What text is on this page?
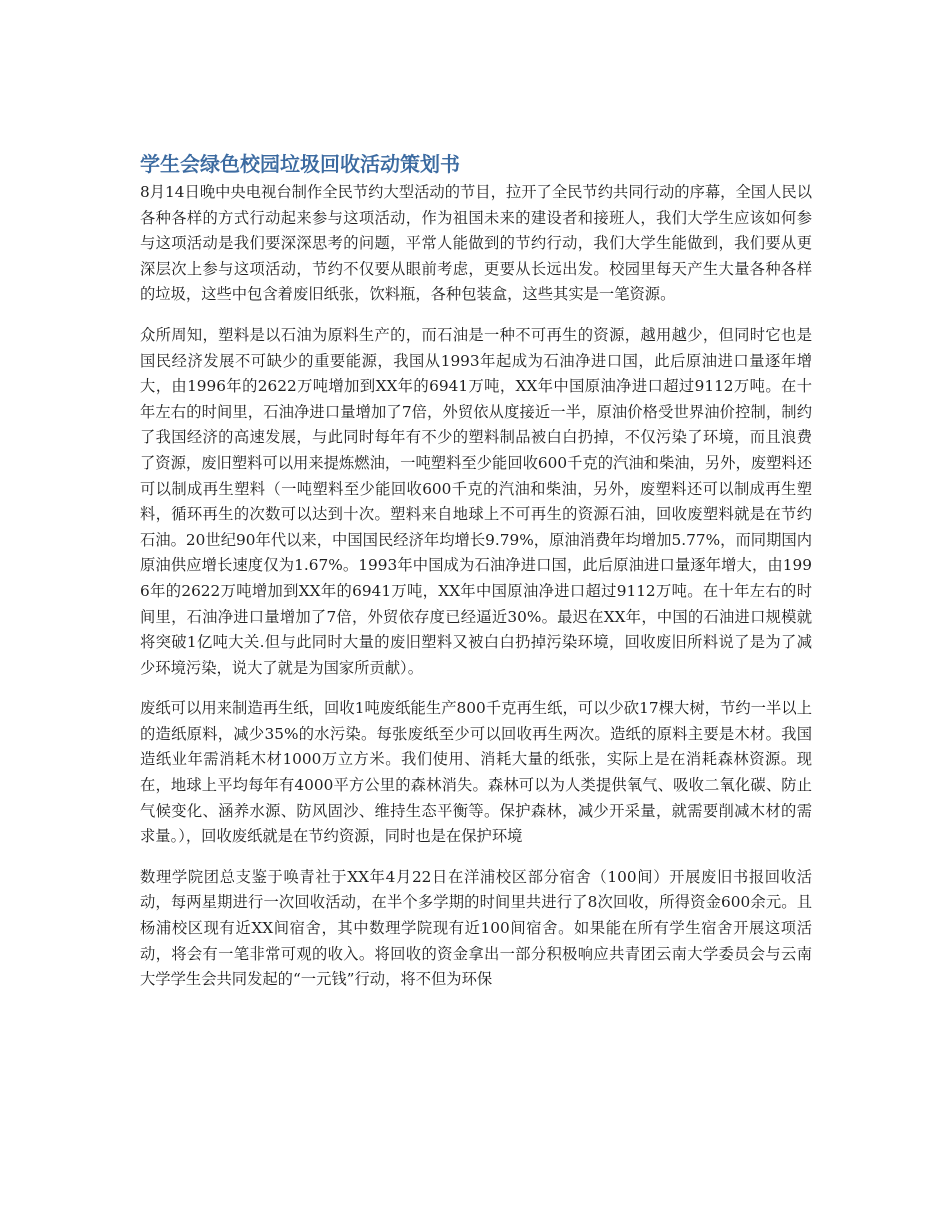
学生会绿色校园垃圾回收活动策划书

8月14日晚中央电视台制作全民节约大型活动的节目，拉开了全民节约共同行动的序幕，全国人民以各种各样的方式行动起来参与这项活动，作为祖国未来的建设者和接班人，我们大学生应该如何参与这项活动是我们要深深思考的问题，平常人能做到的节约行动，我们大学生能做到，我们要从更深层次上参与这项活动，节约不仅要从眼前考虑，更要从长远出发。校园里每天产生大量各种各样的垃圾，这些中包含着废旧纸张，饮料瓶，各种包装盒，这些其实是一笔资源。

众所周知，塑料是以石油为原料生产的，而石油是一种不可再生的资源，越用越少，但同时它也是国民经济发展不可缺少的重要能源，我国从1993年起成为石油净进口国，此后原油进口量逐年增大，由1996年的2622万吨增加到XX年的6941万吨，XX年中国原油净进口超过9112万吨。在十年左右的时间里，石油净进口量增加了7倍，外贸依从度接近一半，原油价格受世界油价控制，制约了我国经济的高速发展，与此同时每年有不少的塑料制品被白白扔掉，不仅污染了环境，而且浪费了资源，废旧塑料可以用来提炼燃油，一吨塑料至少能回收600千克的汽油和柴油，另外，废塑料还可以制成再生塑料（一吨塑料至少能回收600千克的汽油和柴油，另外，废塑料还可以制成再生塑料，循环再生的次数可以达到十次。塑料来自地球上不可再生的资源石油，回收废塑料就是在节约石油。20世纪90年代以来，中国国民经济年均增长9.79%，原油消费年均增加5.77%，而同期国内原油供应增长速度仅为1.67%。1993年中国成为石油净进口国，此后原油进口量逐年增大，由1996年的2622万吨增加到XX年的6941万吨，XX年中国原油净进口超过9112万吨。在十年左右的时间里，石油净进口量增加了7倍，外贸依存度已经逼近30%。最迟在XX年，中国的石油进口规模就将突破1亿吨大关.但与此同时大量的废旧塑料又被白白扔掉污染环境，回收废旧所料说了是为了减少环境污染，说大了就是为国家所贡献）。

废纸可以用来制造再生纸，回收1吨废纸能生产800千克再生纸，可以少砍17棵大树，节约一半以上的造纸原料，减少35%的水污染。每张废纸至少可以回收再生两次。造纸的原料主要是木材。我国造纸业年需消耗木材1000万立方米。我们使用、消耗大量的纸张，实际上是在消耗森林资源。现在，地球上平均每年有4000平方公里的森林消失。森林可以为人类提供氧气、吸收二氧化碳、防止气候变化、涵养水源、防风固沙、维持生态平衡等。保护森林，减少开采量，就需要削减木材的需求量。），回收废纸就是在节约资源，同时也是在保护环境

数理学院团总支鉴于唤青社于XX年4月22日在洋浦校区部分宿舍（100间）开展废旧书报回收活动，每两星期进行一次回收活动，在半个多学期的时间里共进行了8次回收，所得资金600余元。且杨浦校区现有近XX间宿舍，其中数理学院现有近100间宿舍。如果能在所有学生宿舍开展这项活动，将会有一笔非常可观的收入。将回收的资金拿出一部分积极响应共青团云南大学委员会与云南大学学生会共同发起的“一元钱”行动，将不但为环保
